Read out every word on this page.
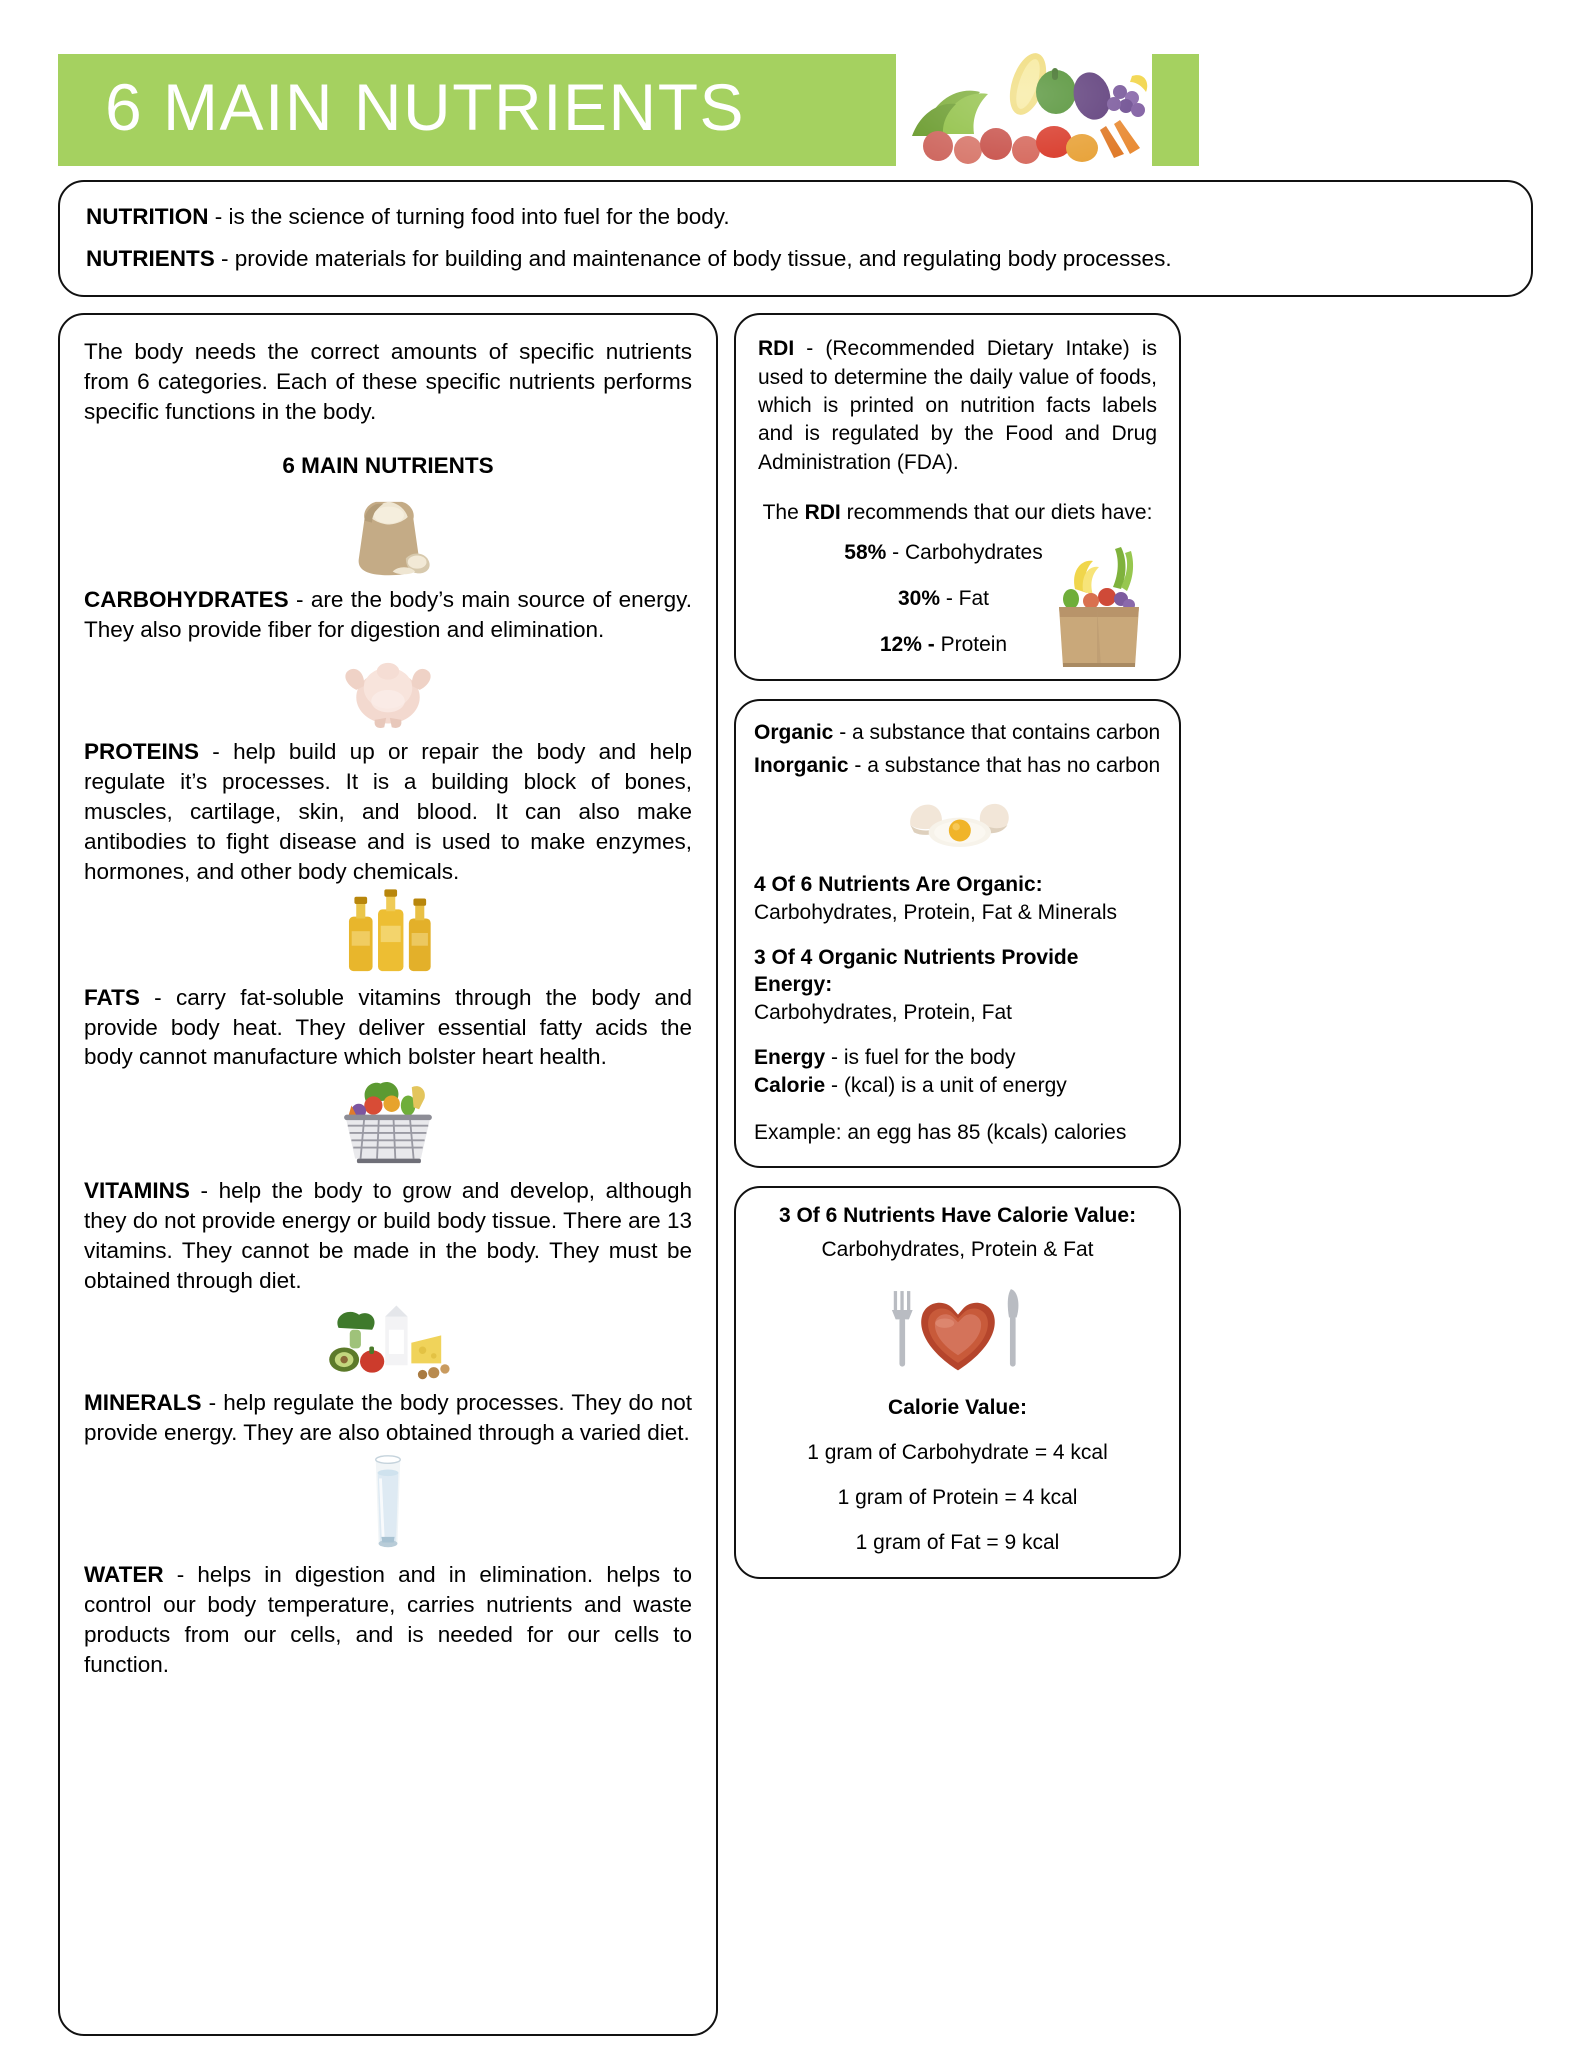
6 MAIN NUTRIENTS

NUTRITION - is the science of turning food into fuel for the body.

NUTRIENTS - provide materials for building and maintenance of body tissue, and regulating body processes.

The body needs the correct amounts of specific nutrients from 6 categories. Each of these specific nutrients performs specific functions in the body.

6 MAIN NUTRIENTS

CARBOHYDRATES - are the body’s main source of energy. They also provide fiber for digestion and elimination.

PROTEINS - help build up or repair the body and help regulate it’s processes. It is a building block of bones, muscles, cartilage, skin, and blood. It can also make antibodies to fight disease and is used to make enzymes, hormones, and other body chemicals.

FATS - carry fat-soluble vitamins through the body and provide body heat. They deliver essential fatty acids the body cannot manufacture which bolster heart health.

VITAMINS - help the body to grow and develop, although they do not provide energy or build body tissue. There are 13 vitamins. They cannot be made in the body. They must be obtained through diet.

MINERALS - help regulate the body processes. They do not provide energy. They are also obtained through a varied diet.

WATER - helps in digestion and in elimination. helps to control our body temperature, carries nutrients and waste products from our cells, and is needed for our cells to function.

RDI - (Recommended Dietary Intake) is used to determine the daily value of foods, which is printed on nutrition facts labels and is regulated by the Food and Drug Administration (FDA).

The RDI recommends that our diets have:

58% - Carbohydrates
30% - Fat
12% - Protein

Organic - a substance that contains carbon

Inorganic - a substance that has no carbon

4 Of 6 Nutrients Are Organic:

Carbohydrates, Protein, Fat & Minerals

3 Of 4 Organic Nutrients Provide Energy:

Carbohydrates, Protein, Fat

Energy - is fuel for the body

Calorie - (kcal) is a unit of energy

Example: an egg has 85 (kcals) calories

3 Of 6 Nutrients Have Calorie Value:

Carbohydrates, Protein & Fat

Calorie Value:

1 gram of Carbohydrate = 4 kcal

1 gram of Protein = 4 kcal

1 gram of Fat = 9 kcal
